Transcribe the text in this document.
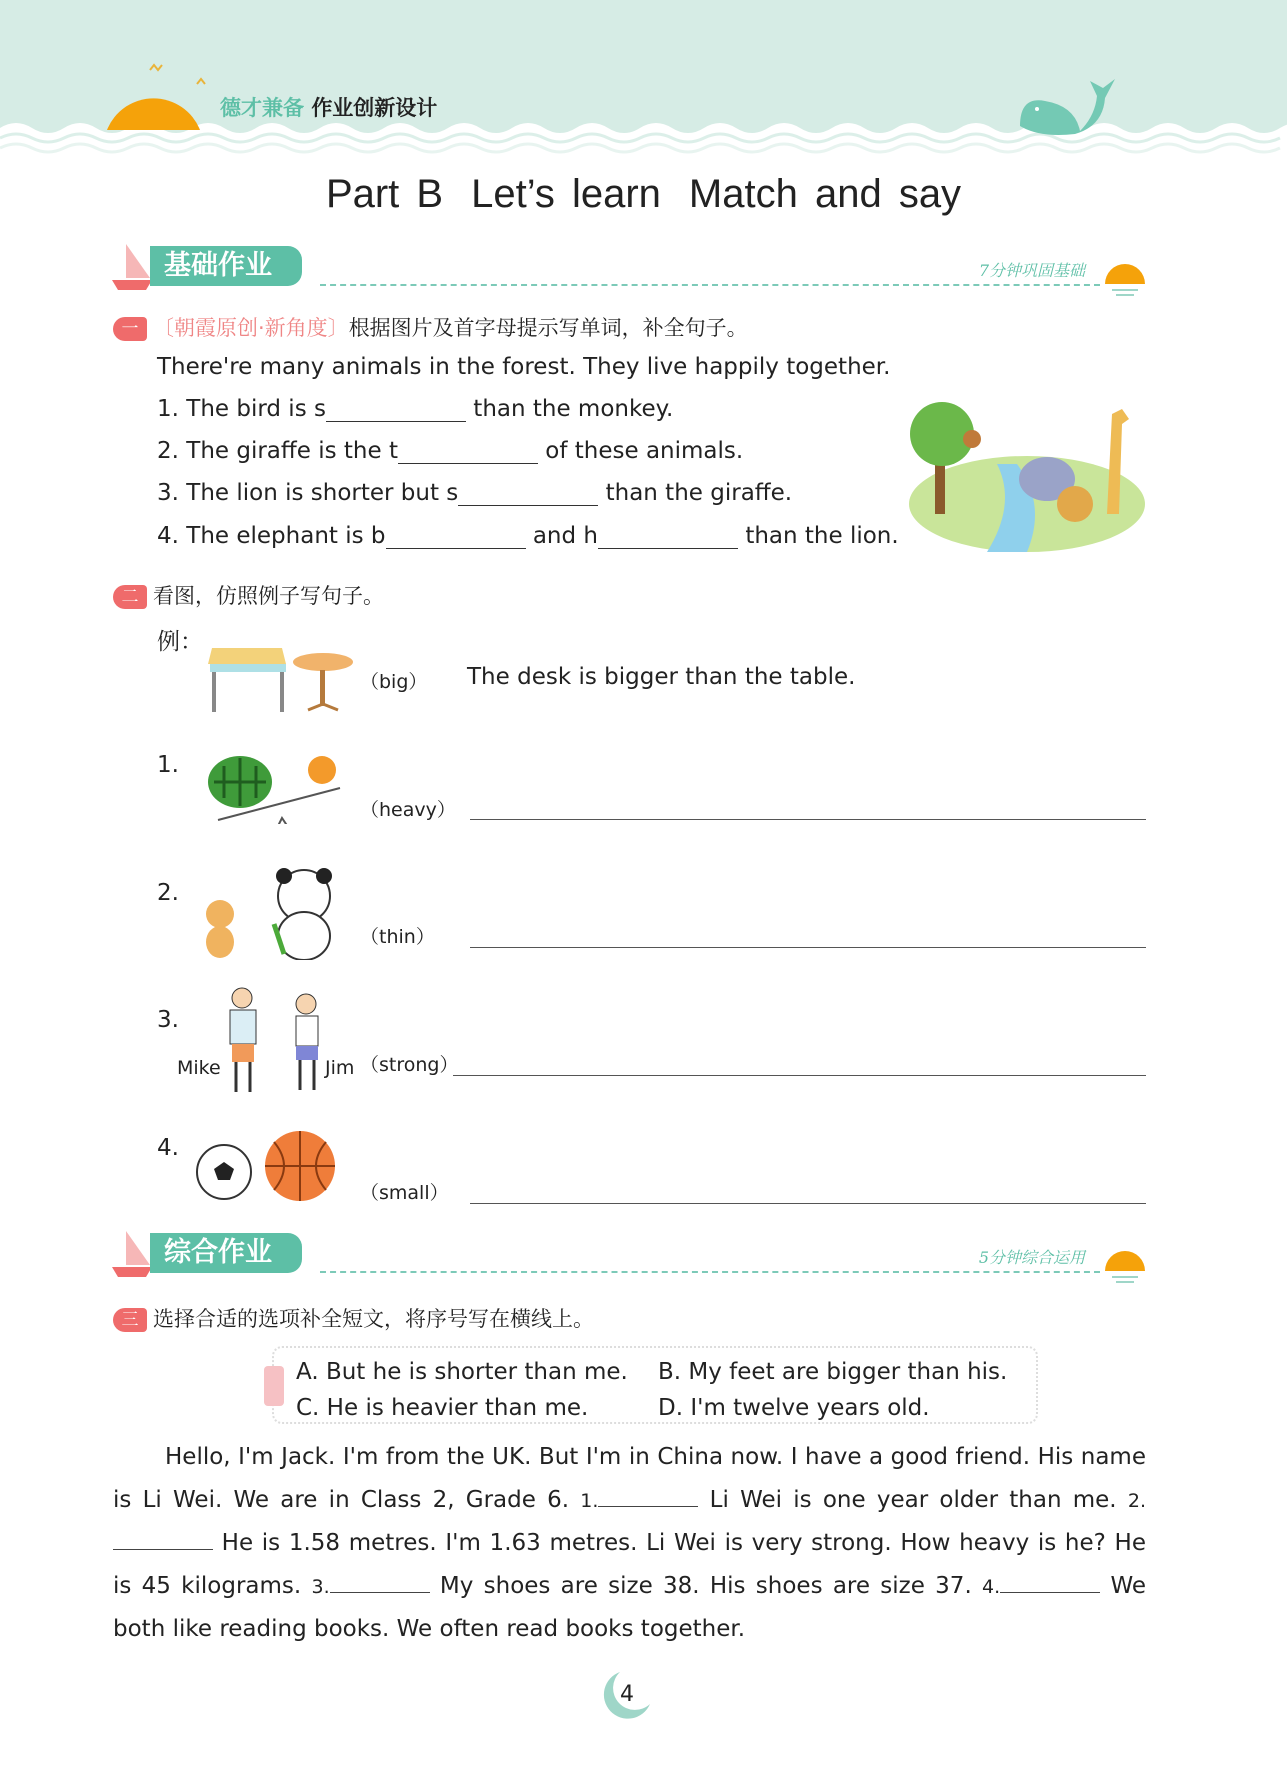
德才兼备 作业创新设计
Part B Let’s learn Match and say
基础作业	7分钟巩固基础
一 〔朝霞原创·新角度〕根据图片及首字母提示写单词，补全句子。
There're many animals in the forest. They live happily together.
1. The bird is s	than the monkey.
2. The giraffe is the t	of these animals.
3. The lion is shorter but s	than the giraffe.
4. The elephant is b	and h	than the lion.
二 看图，仿照例子写句子。
例：
（big） The desk is bigger than the table.
1.
（heavy）
2.
（thin）
3.
Mike	Jim （strong）
4.
（small）
综合作业	5分钟综合运用
三 选择合适的选项补全短文，将序号写在横线上。
A. But he is shorter than me. B. My feet are bigger than his.
C. He is heavier than me.	D. I'm twelve years old.
Hello, I'm Jack. I'm from the UK. But I'm in China now. I have a good friend. His name is Li Wei. We are in Class 2, Grade 6. 1.	Li Wei is one year older than me. 2. He is 1.58 metres. I'm 1.63 metres. Li Wei is very strong. How heavy is he? He is 45 kilograms. 3.	My shoes are size 38. His shoes are size 37. 4.	We both like reading books. We often read books together.
4
